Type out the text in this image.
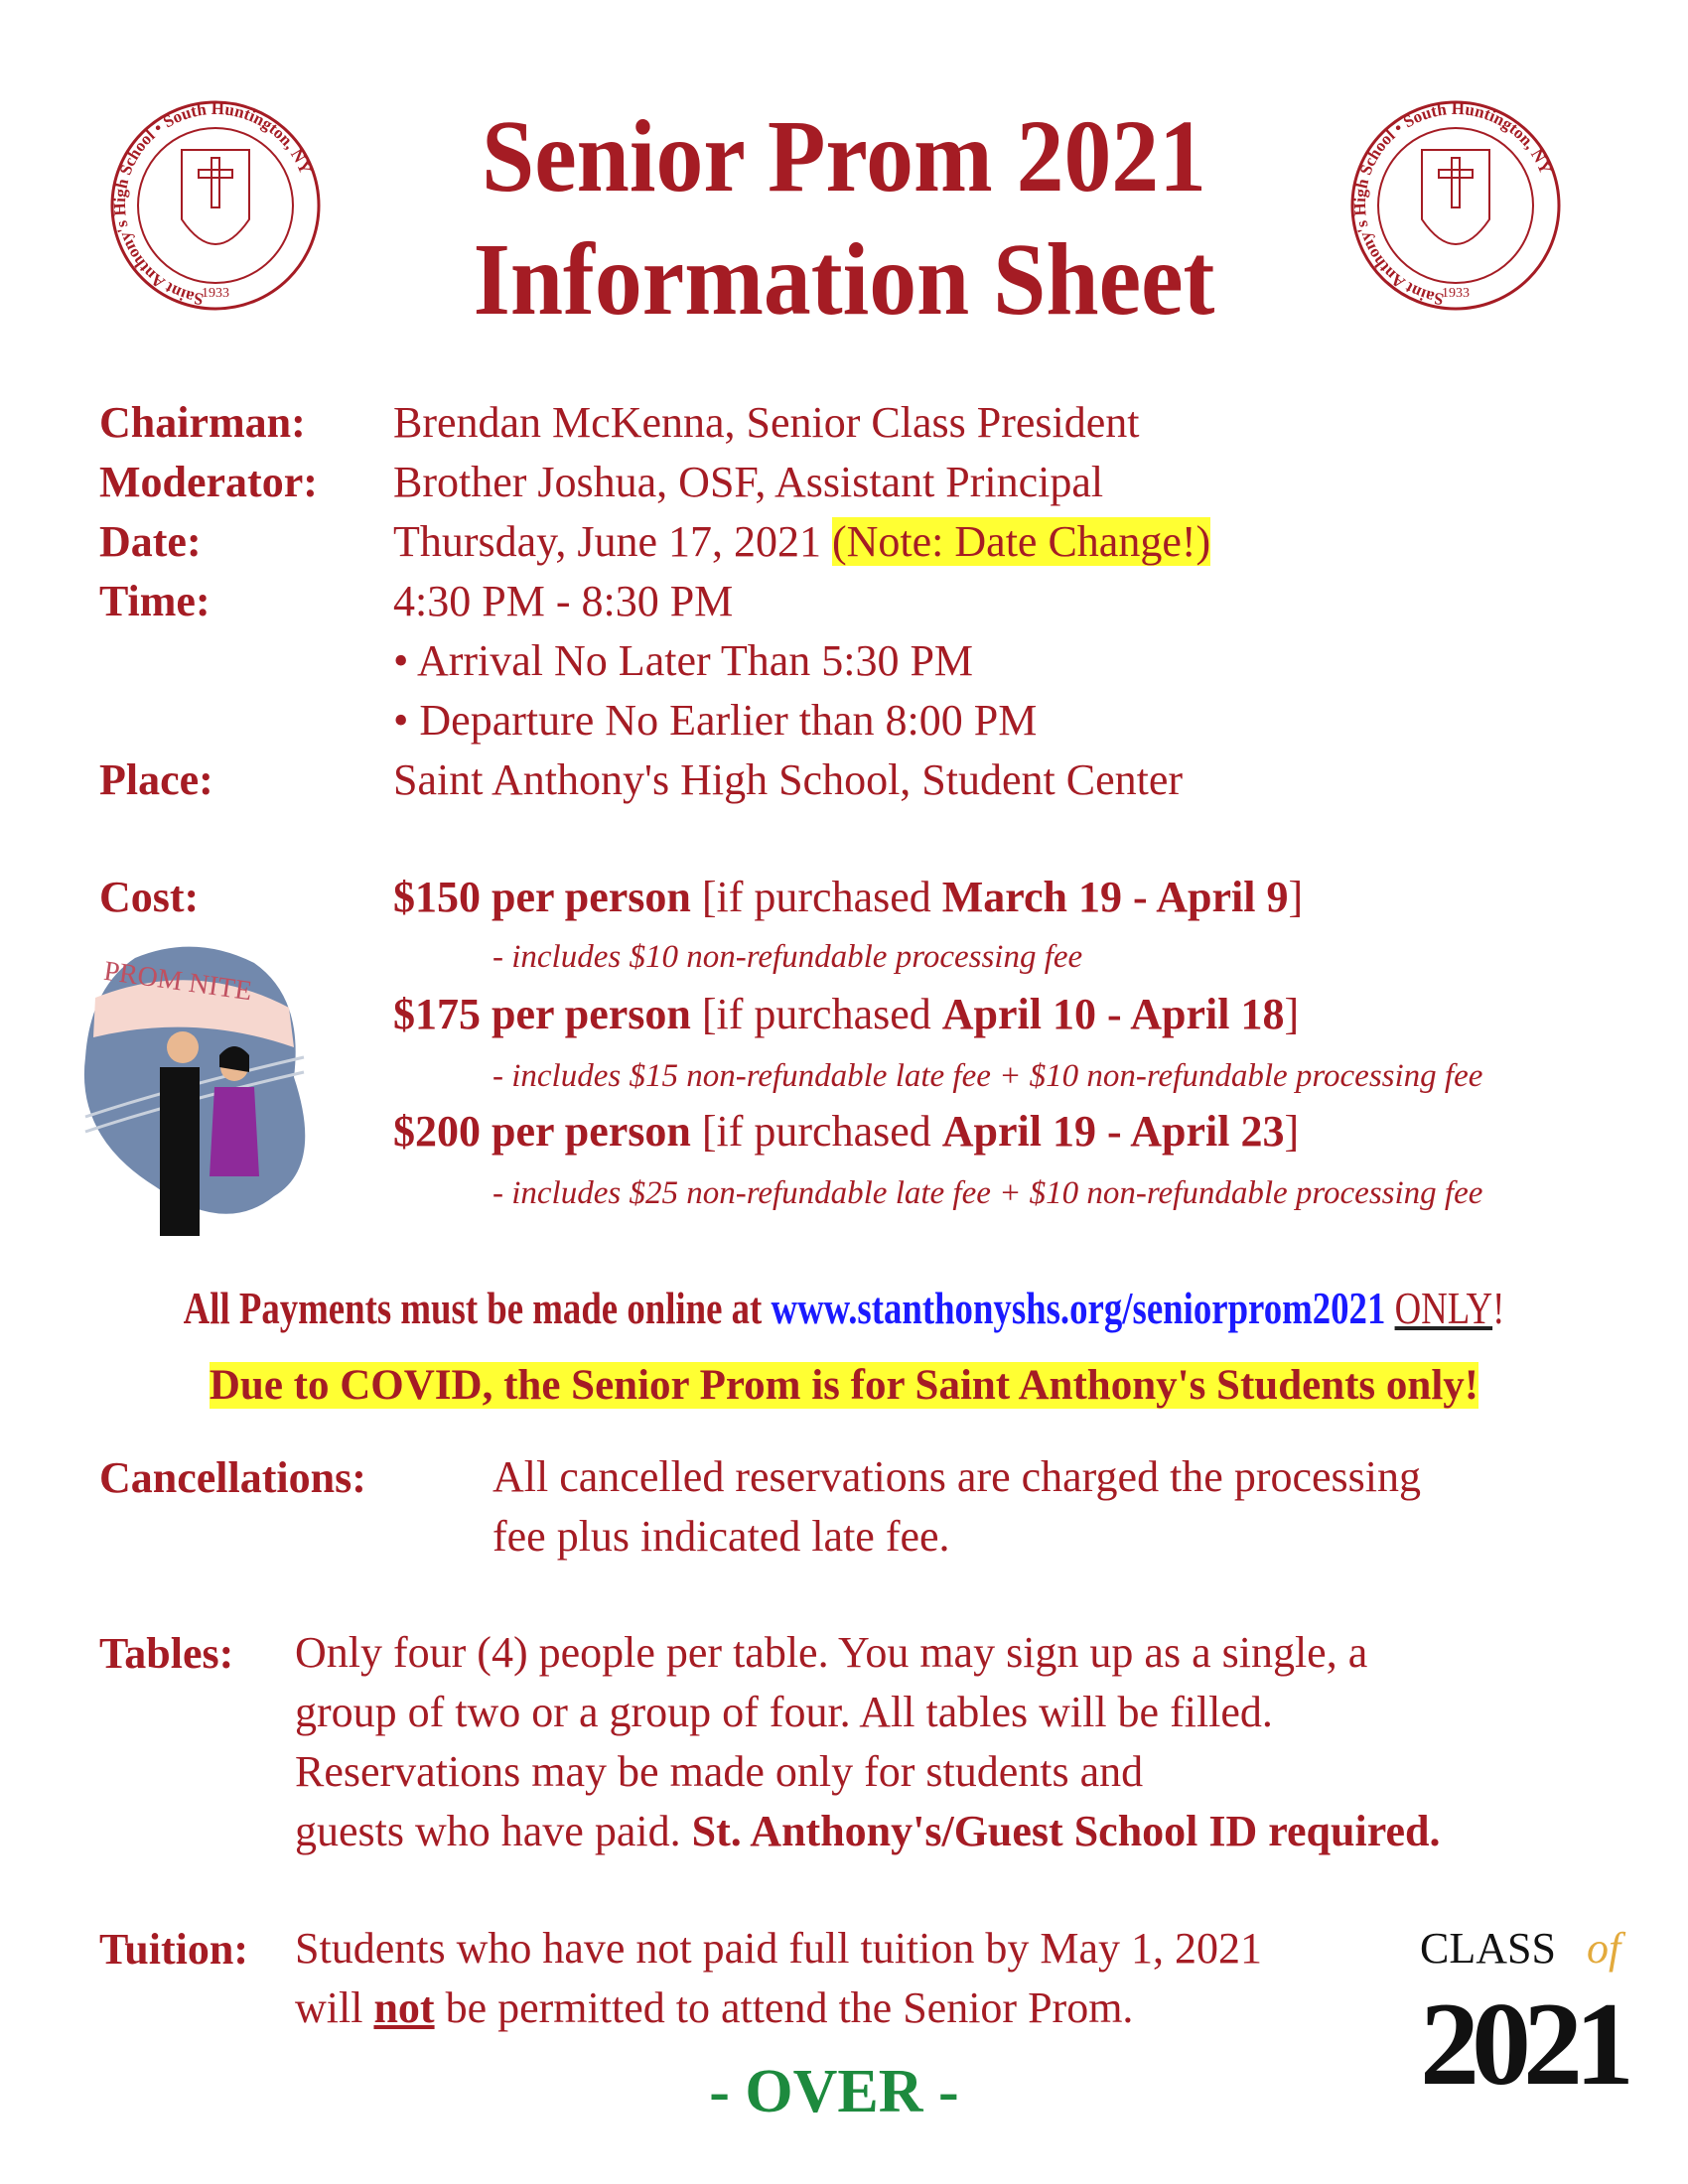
Saint Anthony's High School • South Huntington, NY
1933	Saint Anthony's High School • South Huntington, NY
1933
Senior Prom 2021
Information Sheet
Chairman: Brendan McKenna, Senior Class President
Moderator: Brother Joshua, OSF, Assistant Principal
Date:	Thursday, June 17, 2021 (Note: Date Change!)
Time:	4:30 PM - 8:30 PM
• Arrival No Later Than 5:30 PM
• Departure No Earlier than 8:00 PM
Place:	Saint Anthony's High School, Student Center
Cost:	$150 per person [if purchased March 19 - April 9]
- includes $10 non-refundable processing fee
$175 per person [if purchased April 10 - April 18]
- includes $15 non-refundable late fee + $10 non-refundable processing fee
$200 per person [if purchased April 19 - April 23]
- includes $25 non-refundable late fee + $10 non-refundable processing fee
PROM NITE
All Payments must be made online at www.stanthonyshs.org/seniorprom2021 ONLY!
Due to COVID, the Senior Prom is for Saint Anthony's Students only!
Cancellations:	All cancelled reservations are charged the processing
fee plus indicated late fee.
Tables: Only four (4) people per table. You may sign up as a single, a
group of two or a group of four. All tables will be filled.
Reservations may be made only for students and
guests who have paid. St. Anthony's/Guest School ID required.
Tuition: Students who have not paid full tuition by May 1, 2021
will not be permitted to attend the Senior Prom.
CLASS of
2021
- OVER -
